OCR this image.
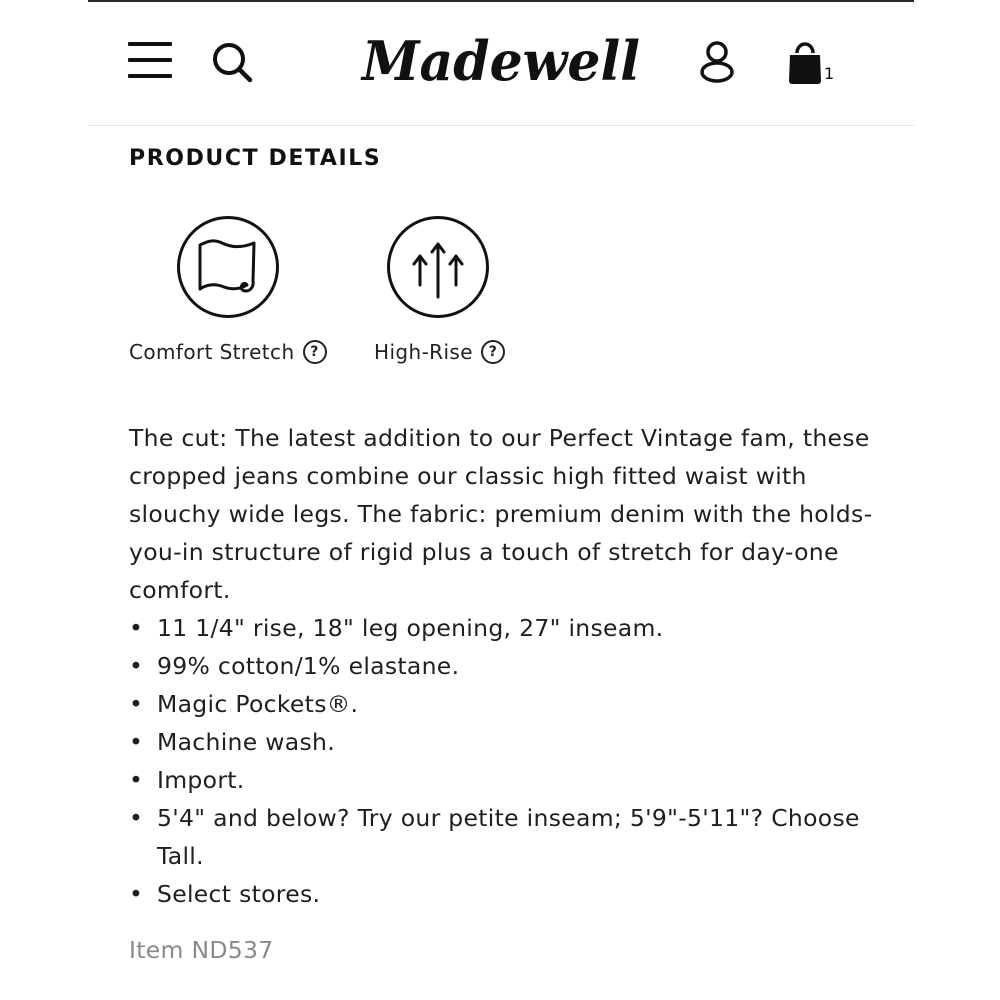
Madewell	1
PRODUCT DETAILS
Comfort Stretch	?	High-Rise	?

The cut: The latest addition to our Perfect Vintage fam, these cropped jeans combine our classic high fitted waist with slouchy wide legs. The fabric: premium denim with the holds-you-in structure of rigid plus a touch of stretch for day-one comfort.

• 11 1/4" rise, 18" leg opening, 27" inseam.
• 99% cotton/1% elastane.
• Magic Pockets®.
• Machine wash.
• Import.
• 5'4" and below? Try our petite inseam; 5'9"-5'11"? Choose Tall.
• Select stores.
Item ND537
